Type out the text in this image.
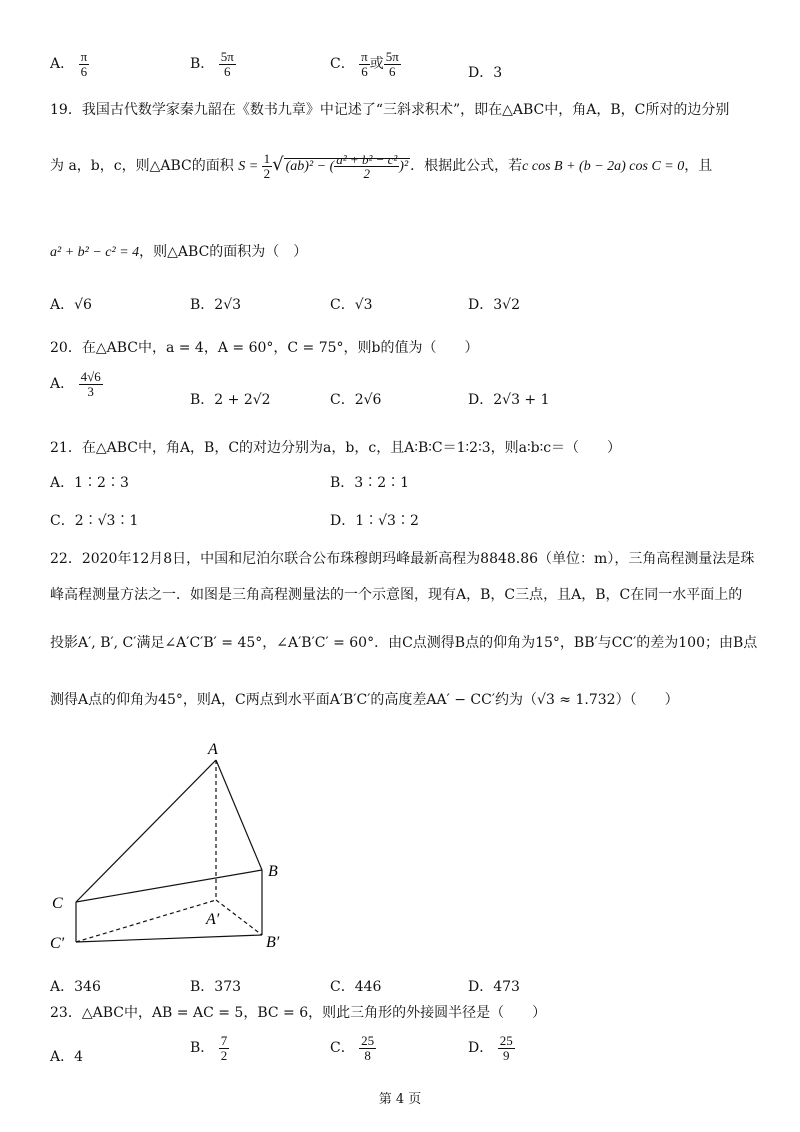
A． $\frac{\pi}{6}$	B． $\frac{5\pi}{6}$	C． $\frac{\pi}{6}$ 或 $\frac{5\pi}{6}$	D．3
19．我国古代数学家秦九韶在《数书九章》中记述了“三斜求积术”，即在△ABC中，角A，B，C所对的边分别
为 a，b，c，则△ABC的面积 $S = \frac{1}{2}$ √ (ab)² − ( $\frac{\text{a² + b² − c²}}{2} )^2$ ．根据此公式，若c cos B + (b − 2a) cos C = 0，且
a² + b² − c² = 4，则△ABC的面积为（　）
A．√6	B．2√3	C．√3	D．3√2
20．在△ABC中，a = 4，A = 60°，C = 75°，则b的值为（　　）
A． $\frac{4√6}{3}$
B．2 + 2√2	C．2√6	D．2√3 + 1
21．在△ABC中，角A，B，C的对边分别为a，b，c，且A∶B∶C＝1∶2∶3，则a∶b∶c＝（　　）
A．1∶2∶3	B．3∶2∶1
C．2∶√3∶1	D．1∶√3∶2
22．2020年12月8日，中国和尼泊尔联合公布珠穆朗玛峰最新高程为8848.86（单位：m），三角高程测量法是珠
峰高程测量方法之一．如图是三角高程测量法的一个示意图，现有A，B，C三点，且A，B，C在同一水平面上的
投影A′, B′, C′满足∠A′C′B′ = 45°，∠A′B′C′ = 60°．由C点测得B点的仰角为15°，BB′与CC′的差为100；由B点
测得A点的仰角为45°，则A，C两点到水平面A′B′C′的高度差AA′ − CC′约为（√3 ≈ 1.732）（　　）
A
B
C
A′
B′
C′
A．346	B．373	C．446	D．473
23．△ABC中，AB = AC = 5，BC = 6，则此三角形的外接圆半径是（　　）
A．4
B． $\frac{7}{2}$	C． $\frac{25}{8}$	D． $\frac{25}{9}$
第 4 页
